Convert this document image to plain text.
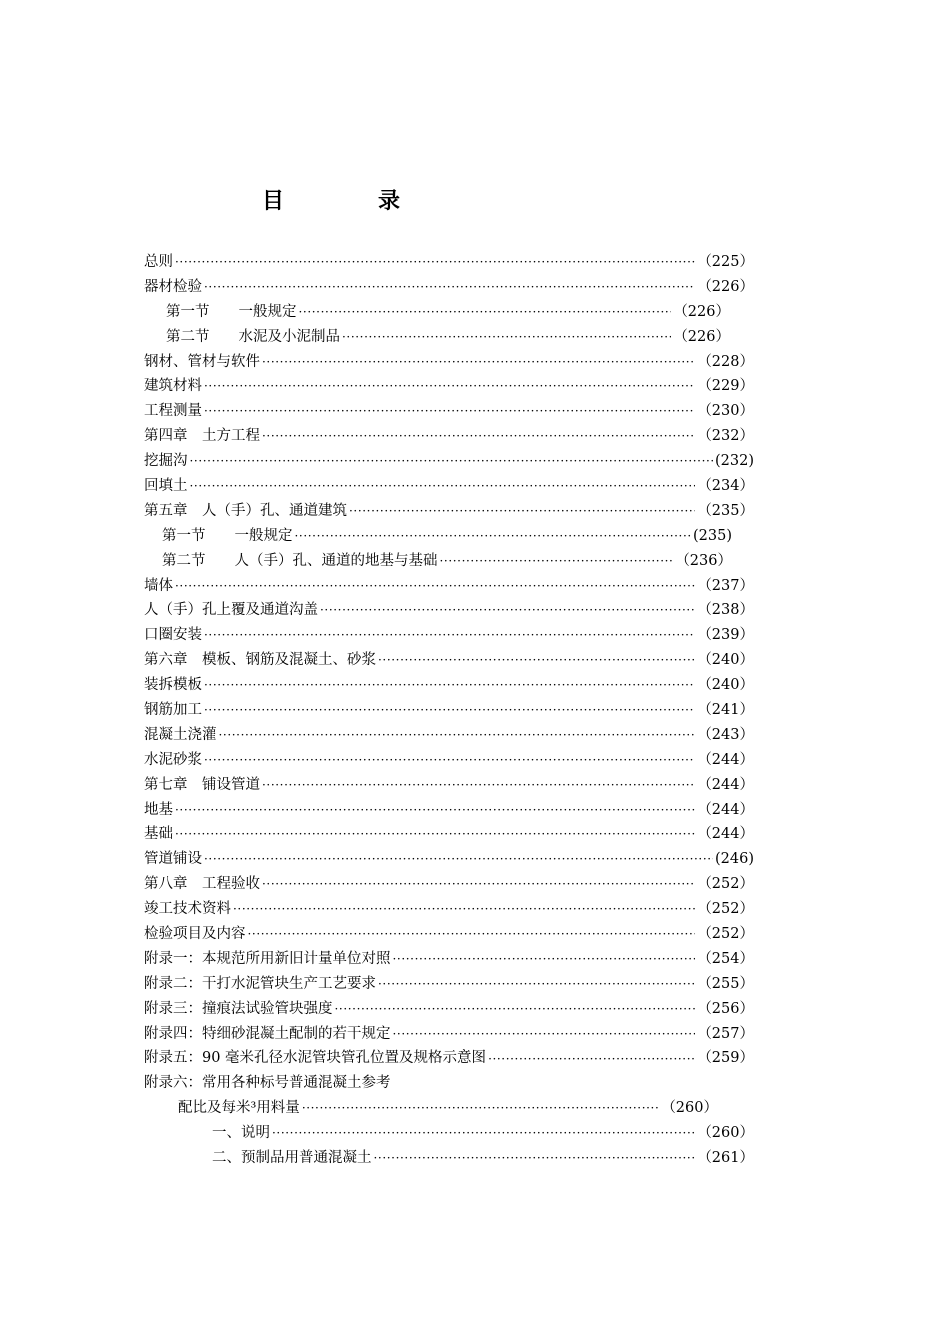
目　录
总则 ·····	（225）
器材检验 ·····	（226）
第一节　　一般规定 ·····	（226）
第二节　　水泥及小泥制品 ·····	（226）
钢材、管材与软件 ·····	（228）
建筑材料 ·····	（229）
工程测量 ·····	（230）
第四章　土方工程 ·····	（232）
挖掘沟 ·····	(232)
回填土 ·····	（234）
第五章　人（手）孔、通道建筑 ·····	（235）
第一节　　一般规定 ·····	(235)
第二节　　人（手）孔、通道的地基与基础 ·····	（236）
墙体 ·····	（237）
人（手）孔上覆及通道沟盖 ·····	（238）
口圈安装 ·····	（239）
第六章　模板、钢筋及混凝土、砂浆 ·····	（240）
装拆模板 ·····	（240）
钢筋加工 ·····	（241）
混凝土浇灌 ·····	（243）
水泥砂浆 ·····	（244）
第七章　铺设管道 ·····	（244）
地基 ·····	（244）
基础 ·····	（244）
管道铺设 ·····	(246)
第八章　工程验收 ·····	（252）
竣工技术资料 ·····	（252）
检验项目及内容 ·····	（252）
附录一：本规范所用新旧计量单位对照 ·····	（254）
附录二：干打水泥管块生产工艺要求 ·····	（255）
附录三：撞痕法试验管块强度 ·····	（256）
附录四：特细砂混凝土配制的若干规定 ·····	（257）
附录五：90 毫米孔径水泥管块管孔位置及规格示意图 ·····	（259）
附录六：常用各种标号普通混凝土参考
配比及每米³用料量 ·····	（260）
一、说明 ·····	（260）
二、预制品用普通混凝土 ·····	（261）
